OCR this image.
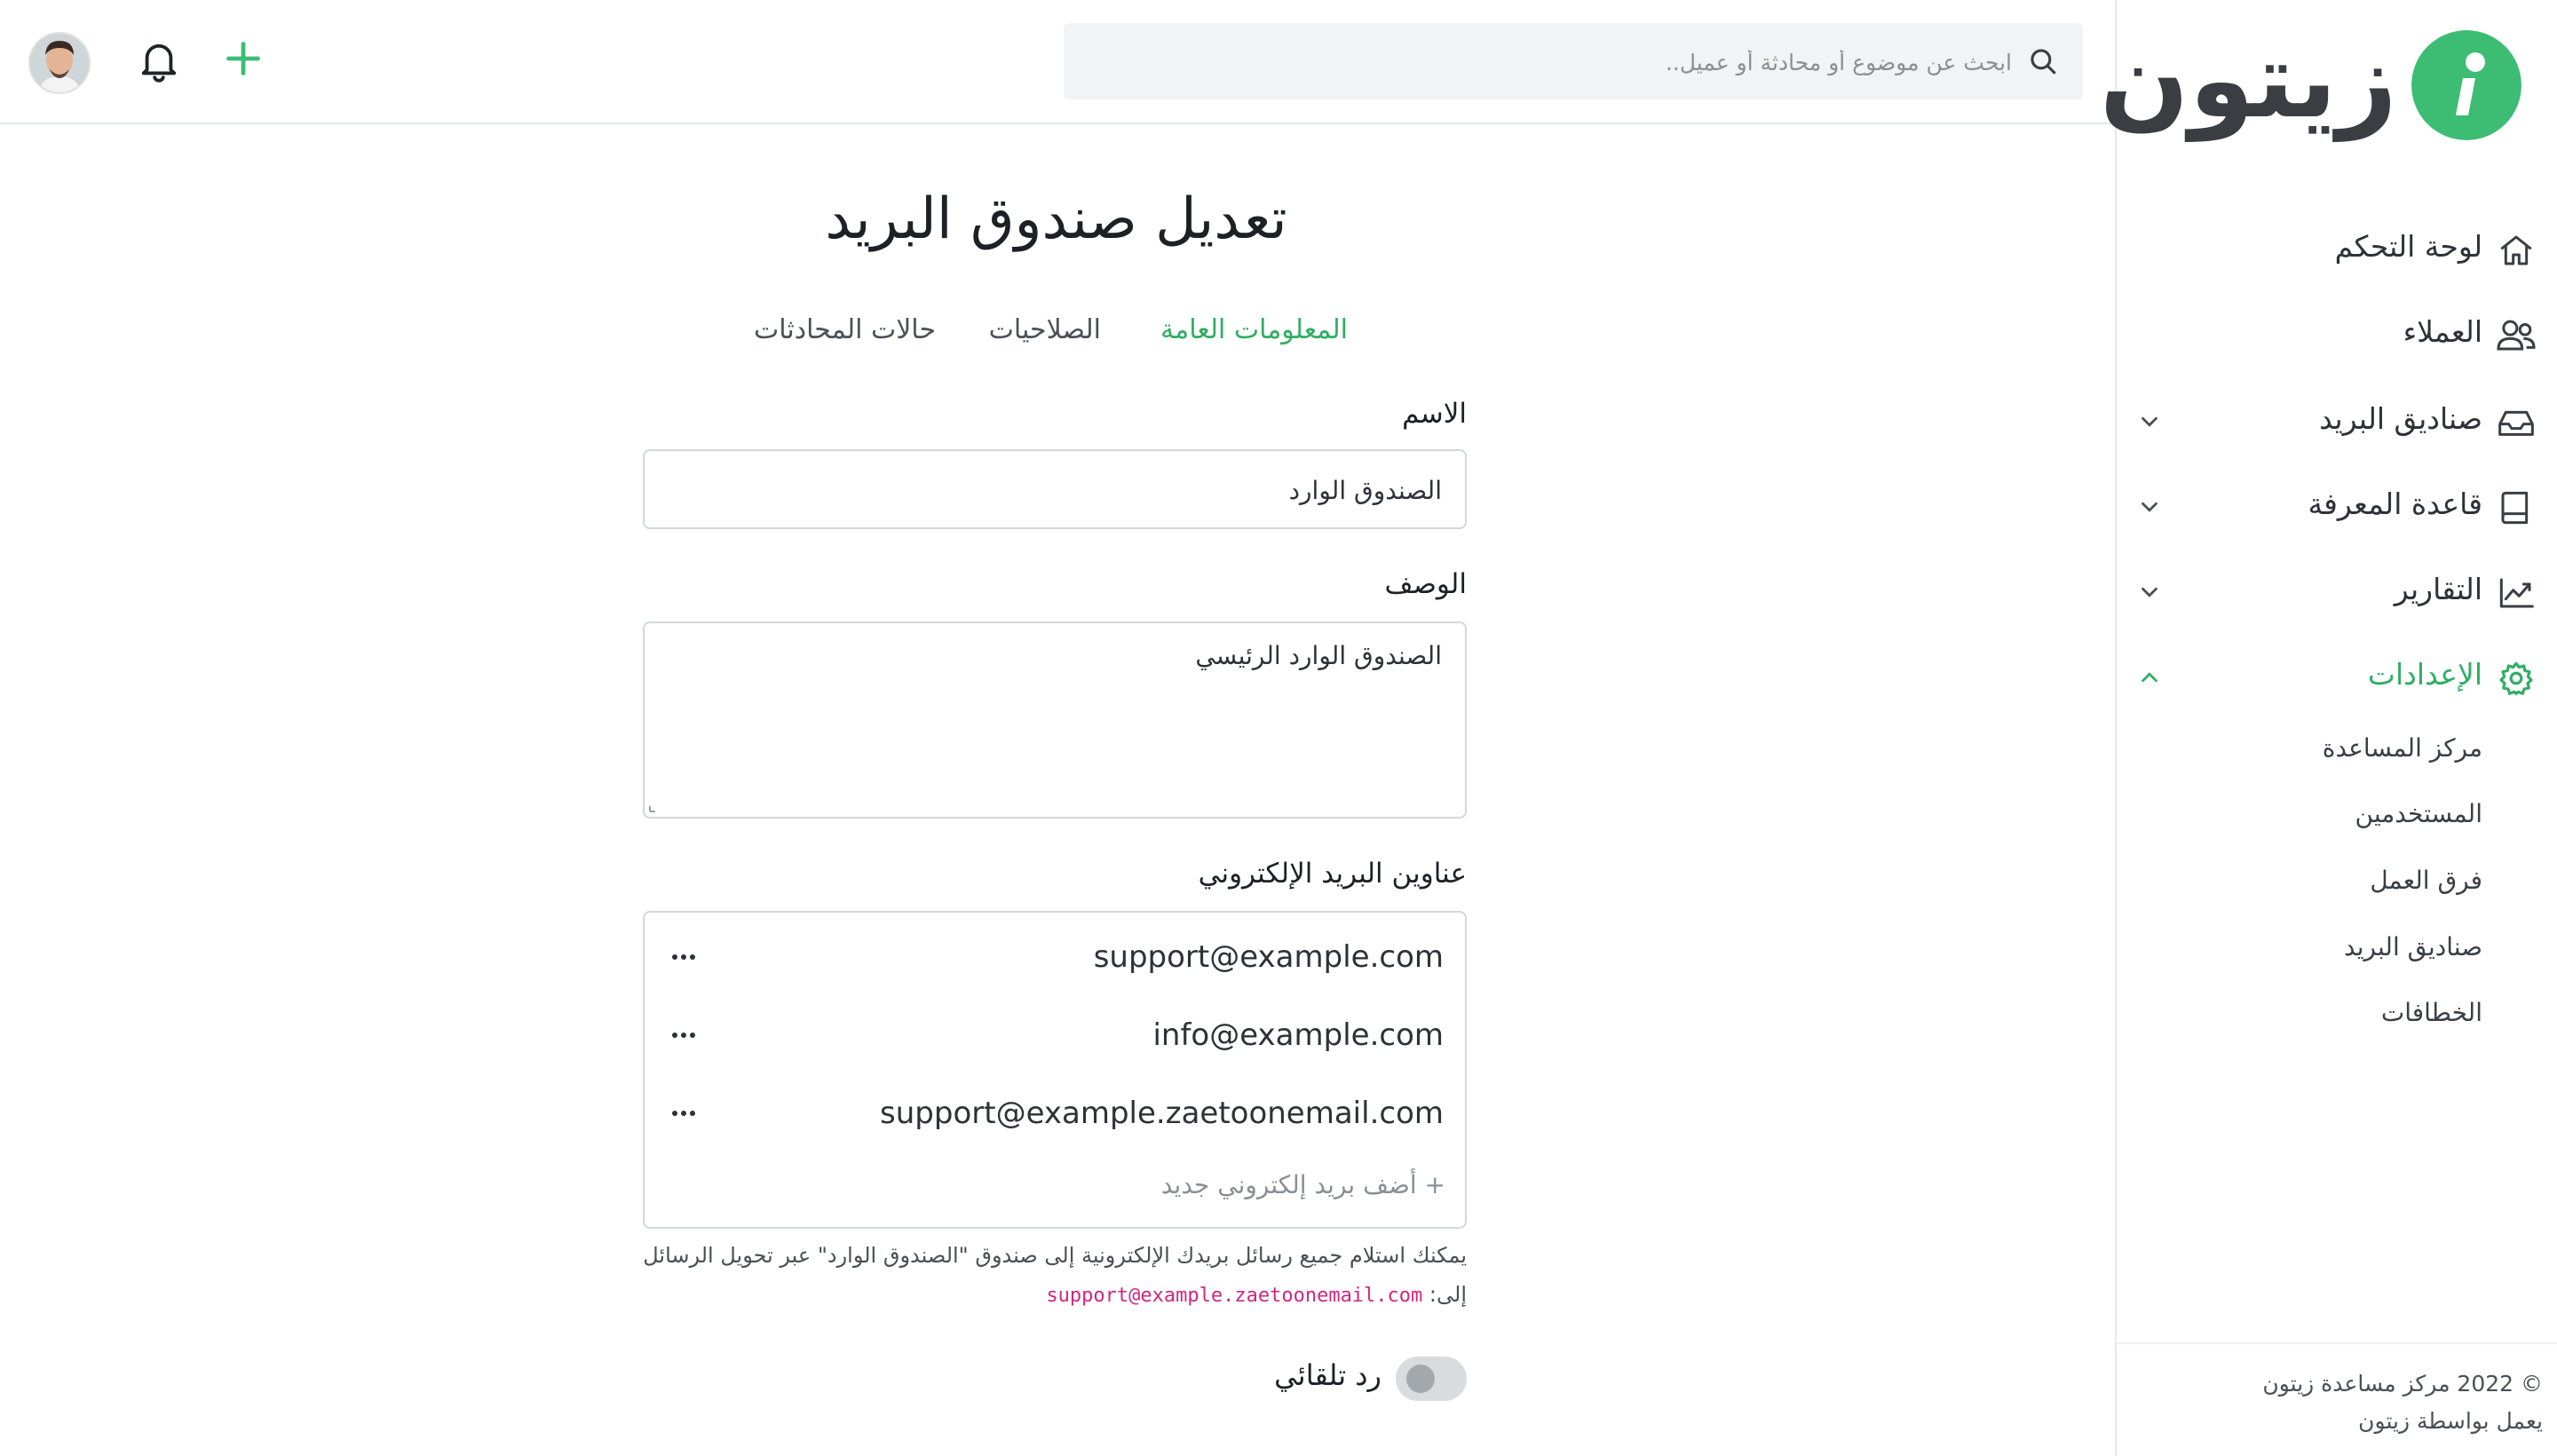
ابحث عن موضوع أو محادثة أو عميل..
زيتون
لوحة التحكم
العملاء
صناديق البريد
قاعدة المعرفة
التقارير
الإعدادات
مركز المساعدة
المستخدمين
فرق العمل
صناديق البريد
الخطافات
© 2022 مركز مساعدة زيتون
يعمل بواسطة زيتون
تعديل صندوق البريد
المعلومات العامة
الصلاحيات
حالات المحادثات
الاسم
الصندوق الوارد
الوصف
الصندوق الوارد الرئيسي
عناوين البريد الإلكتروني
support@example.com
info@example.com
support@example.zaetoonemail.com
+ أضف بريد إلكتروني جديد
يمكنك استلام جميع رسائل بريدك الإلكترونية إلى صندوق "الصندوق الوارد" عبر تحويل الرسائل إلى: support@example.zaetoonemail.com
رد تلقائي
